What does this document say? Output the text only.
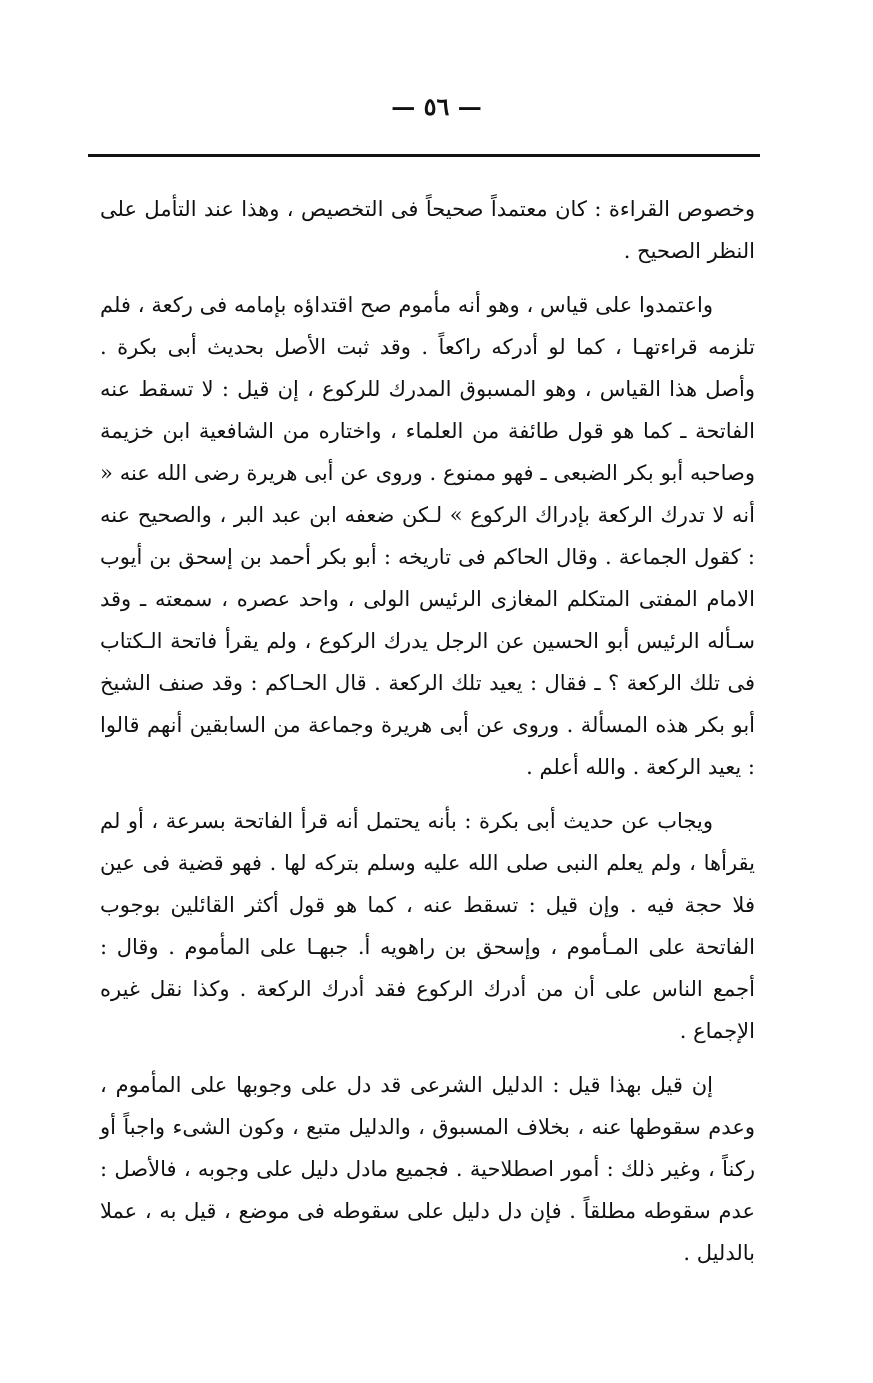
— ٥٦ —

وخصوص القراءة : كان معتمداً صحيحاً فى التخصيص ، وهذا عند التأمل على النظر الصحيح .

واعتمدوا على قياس ، وهو أنه مأموم صح اقتداؤه بإمامه فى ركعة ، فلم تلزمه قراءتهـا ، كما لو أدركه راكعاً . وقد ثبت الأصل بحديث أبى بكرة . وأصل هذا القياس ، وهو المسبوق المدرك للركوع ، إن قيل : لا تسقط عنه الفاتحة ـ كما هو قول طائفة من العلماء ، واختاره من الشافعية ابن خزيمة وصاحبه أبو بكر الضبعى ـ فهو ممنوع . وروى عن أبى هريرة رضى الله عنه « أنه لا تدرك الركعة بإدراك الركوع » لـكن ضعفه ابن عبد البر ، والصحيح عنه : كقول الجماعة . وقال الحاكم فى تاريخه : أبو بكر أحمد بن إسحق بن أيوب الامام المفتى المتكلم المغازى الرئيس الولى ، واحد عصره ، سمعته ـ وقد سـأله الرئيس أبو الحسين عن الرجل يدرك الركوع ، ولم يقرأ فاتحة الـكتاب فى تلك الركعة ؟ ـ فقال : يعيد تلك الركعة . قال الحـاكم : وقد صنف الشيخ أبو بكر هذه المسألة . وروى عن أبى هريرة وجماعة من السابقين أنهم قالوا : يعيد الركعة . والله أعلم .

ويجاب عن حديث أبى بكرة : بأنه يحتمل أنه قرأ الفاتحة بسرعة ، أو لم يقرأها ، ولم يعلم النبى صلى الله عليه وسلم بتركه لها . فهو قضية فى عين فلا حجة فيه . وإن قيل : تسقط عنه ، كما هو قول أكثر القائلين بوجوب الفاتحة على المـأموم ، وإسحق بن راهويه أ. جبهـا على المأموم . وقال : أجمع الناس على أن من أدرك الركوع فقد أدرك الركعة . وكذا نقل غيره الإجماع .

إن قيل بهذا قيل : الدليل الشرعى قد دل على وجوبها على المأموم ، وعدم سقوطها عنه ، بخلاف المسبوق ، والدليل متبع ، وكون الشىء واجباً أو ركناً ، وغير ذلك : أمور اصطلاحية . فجميع مادل دليل على وجوبه ، فالأصل : عدم سقوطه مطلقاً . فإن دل دليل على سقوطه فى موضع ، قيل به ، عملا بالدليل .
